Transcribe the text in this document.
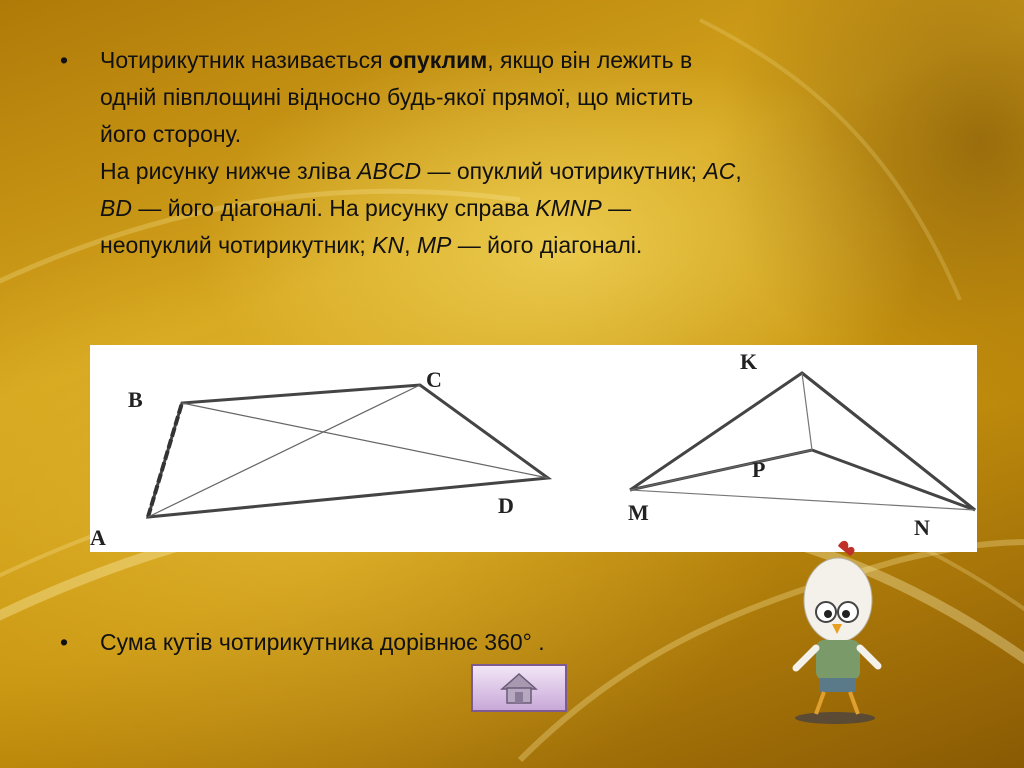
•	Чотирикутник називається опуклим, якщо він лежить в
одній півплощині відносно будь-якої прямої, що містить
його сторону.
На рисунку нижче зліва ABCD — опуклий чотирикутник; AC,
BD — його діагоналі. На рисунку справа KMNP —
неопуклий чотирикутник; KN, MP — його діагоналі.
A
B
C
D
K
M
N
P
•	Сума кутів чотирикутника дорівнює 360° .
